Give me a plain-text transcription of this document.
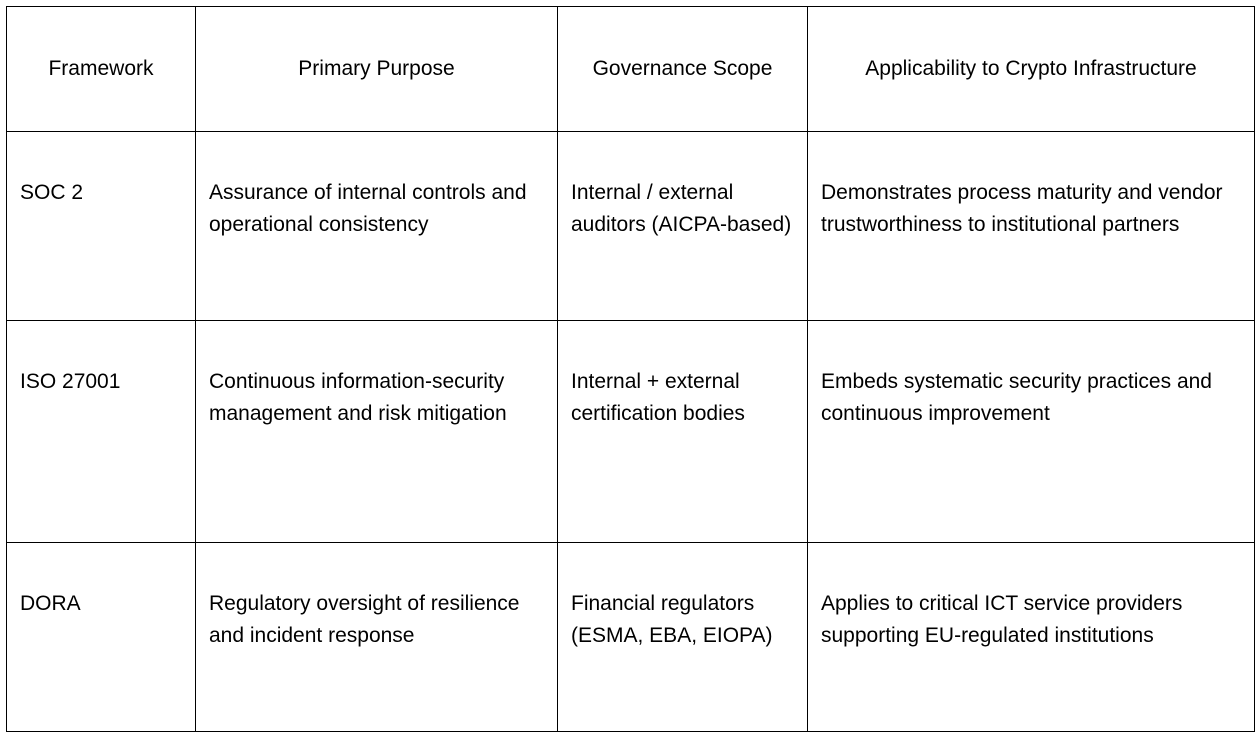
Framework	Primary Purpose	Governance Scope	Applicability to Crypto Infrastructure
SOC 2	Assurance of internal controls and operational consistency	Internal / external auditors (AICPA-based)	Demonstrates process maturity and vendor trustworthiness to institutional partners
ISO 27001	Continuous information-security management and risk mitigation	Internal + external certification bodies	Embeds systematic security practices and continuous improvement
DORA	Regulatory oversight of resilience and incident response	Financial regulators (ESMA, EBA, EIOPA)	Applies to critical ICT service providers supporting EU-regulated institutions
